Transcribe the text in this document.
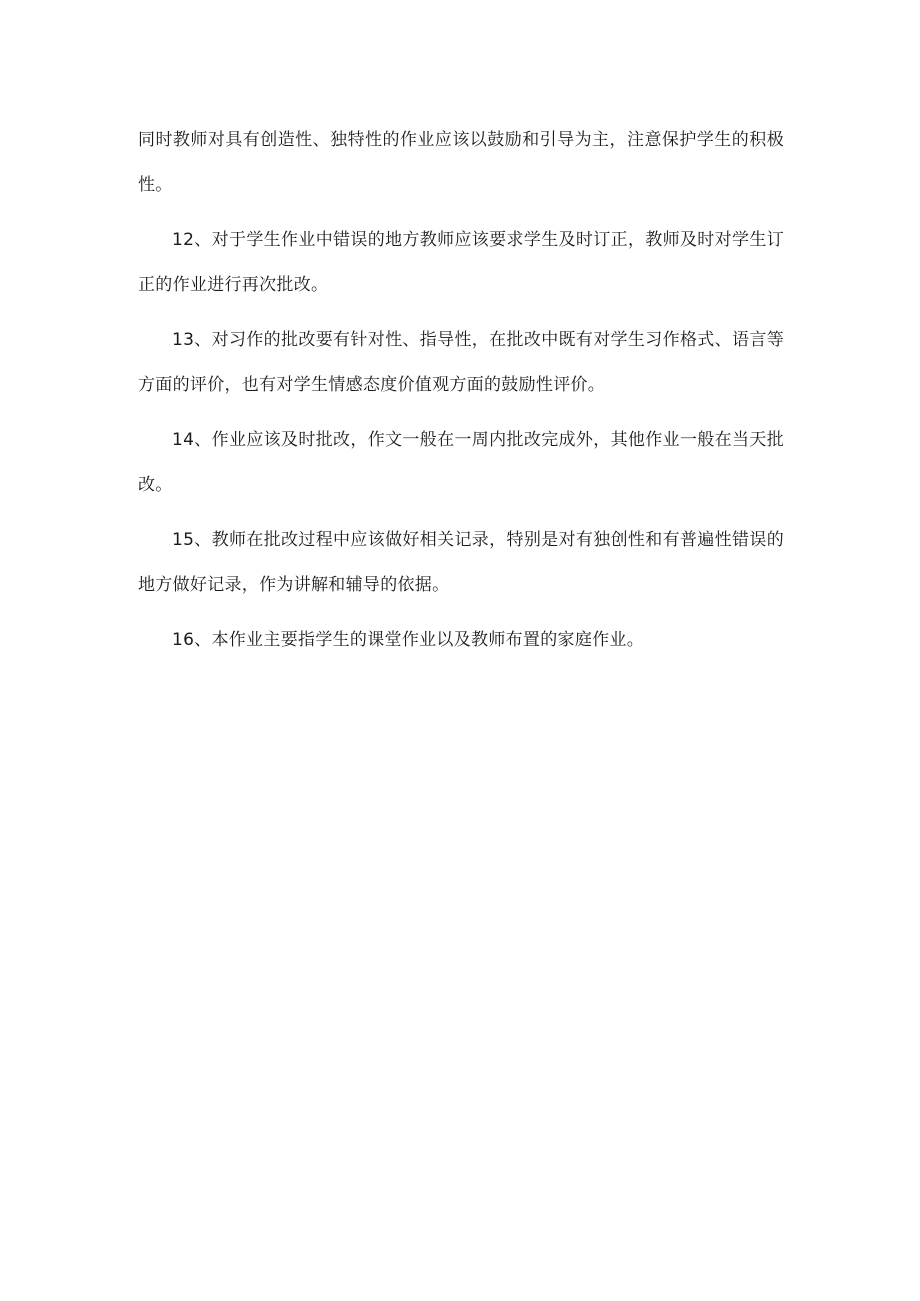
同时教师对具有创造性、独特性的作业应该以鼓励和引导为主，注意保护学生的积极性。

12、对于学生作业中错误的地方教师应该要求学生及时订正，教师及时对学生订正的作业进行再次批改。

13、对习作的批改要有针对性、指导性，在批改中既有对学生习作格式、语言等方面的评价，也有对学生情感态度价值观方面的鼓励性评价。

14、作业应该及时批改，作文一般在一周内批改完成外，其他作业一般在当天批改。

15、教师在批改过程中应该做好相关记录，特别是对有独创性和有普遍性错误的地方做好记录，作为讲解和辅导的依据。

16、本作业主要指学生的课堂作业以及教师布置的家庭作业。
